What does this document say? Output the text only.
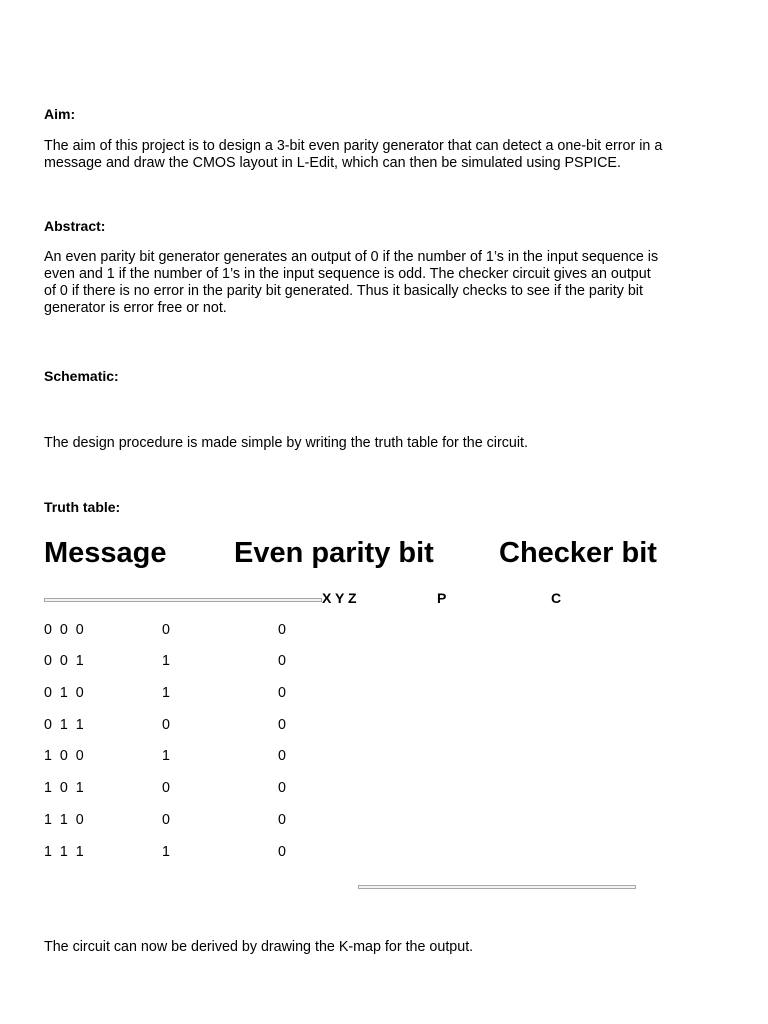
Aim:
The aim of this project is to design a 3-bit even parity generator that can detect a one-bit error in a
message and draw the CMOS layout in L-Edit, which can then be simulated using PSPICE.
Abstract:
An even parity bit generator generates an output of 0 if the number of 1’s in the input sequence is
even and 1 if the number of 1’s in the input sequence is odd. The checker circuit gives an output
of 0 if there is no error in the parity bit generated. Thus it basically checks to see if the parity bit
generator is error free or not.
Schematic:
The design procedure is made simple by writing the truth table for the circuit.
Truth table:
Message Even parity bit Checker bit
X Y Z	P	C
0  0  0	0	0
0  0  1	1	0
0  1  0	1	0
0  1  1	0	0
1  0  0	1	0
1  0  1	0	0
1  1  0	0	0
1  1  1	1	0
The circuit can now be derived by drawing the K-map for the output.
